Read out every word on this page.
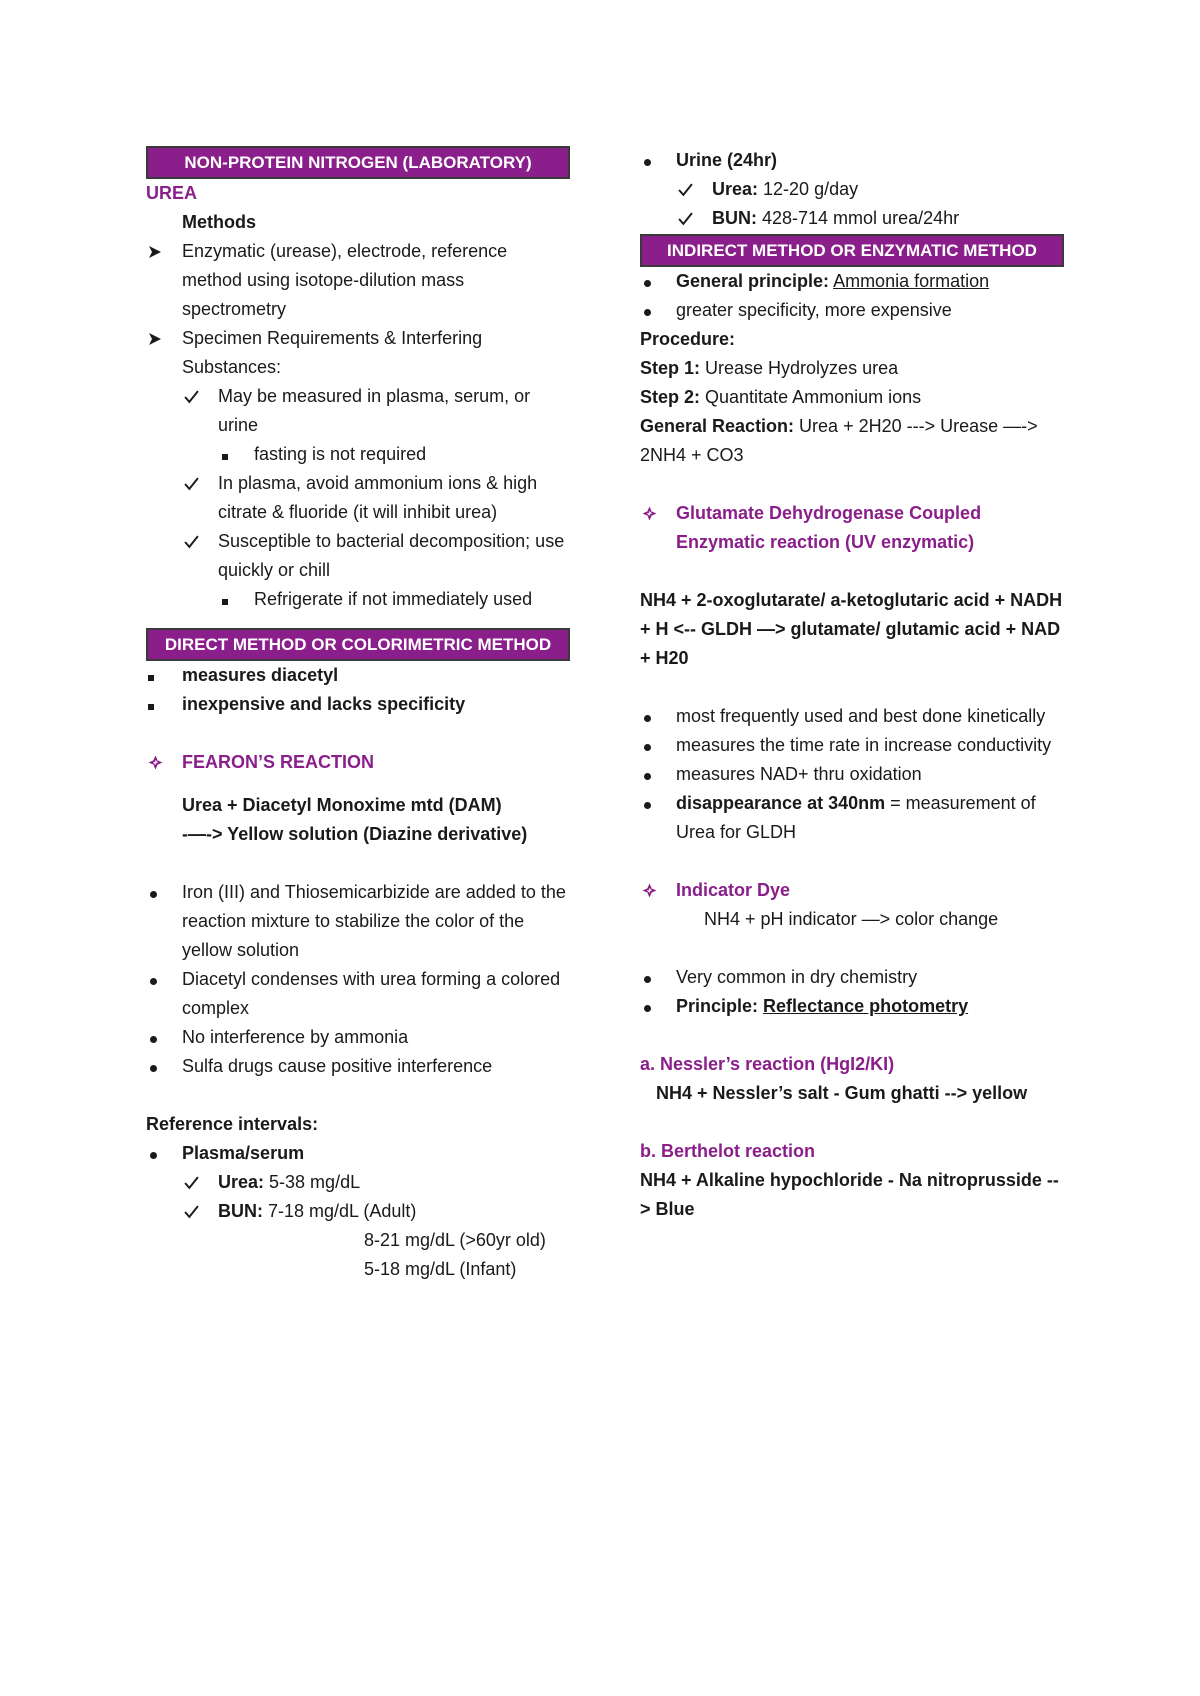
NON-PROTEIN NITROGEN (LABORATORY)
UREA
Methods
Enzymatic (urease), electrode, reference method using isotope-dilution mass spectrometry
Specimen Requirements & Interfering Substances:
May be measured in plasma, serum, or urine
fasting is not required
In plasma, avoid ammonium ions & high citrate & fluoride (it will inhibit urea)
Susceptible to bacterial decomposition; use quickly or chill
Refrigerate if not immediately used
DIRECT METHOD OR COLORIMETRIC METHOD
measures diacetyl
inexpensive and lacks specificity
FEARON’S REACTION
Urea + Diacetyl Monoxime mtd (DAM)
-—-> Yellow solution (Diazine derivative)
Iron (III) and Thiosemicarbizide are added to the reaction mixture to stabilize the color of the yellow solution
Diacetyl condenses with urea forming a colored complex
No interference by ammonia
Sulfa drugs cause positive interference
Reference intervals:
Plasma/serum
Urea: 5-38 mg/dL
BUN: 7-18 mg/dL (Adult)
8-21 mg/dL (>60yr old)
5-18 mg/dL (Infant)
Urine (24hr)
Urea: 12-20 g/day
BUN: 428-714 mmol urea/24hr
INDIRECT METHOD OR ENZYMATIC METHOD
General principle: Ammonia formation
greater specificity, more expensive
Procedure:
Step 1: Urease Hydrolyzes urea
Step 2: Quantitate Ammonium ions
General Reaction: Urea + 2H20 ---> Urease —-> 2NH4 + CO3
Glutamate Dehydrogenase Coupled Enzymatic reaction (UV enzymatic)
NH4 + 2-oxoglutarate/ a-ketoglutaric acid + NADH + H <-- GLDH —> glutamate/ glutamic acid + NAD + H20
most frequently used and best done kinetically
measures the time rate in increase conductivity
measures NAD+ thru oxidation
disappearance at 340nm = measurement of Urea for GLDH
Indicator Dye
NH4 + pH indicator —> color change
Very common in dry chemistry
Principle: Reflectance photometry
a. Nessler’s reaction (HgI2/KI)
NH4 + Nessler’s salt - Gum ghatti --> yellow
b. Berthelot reaction
NH4 + Alkaline hypochloride - Na nitroprusside --> Blue
